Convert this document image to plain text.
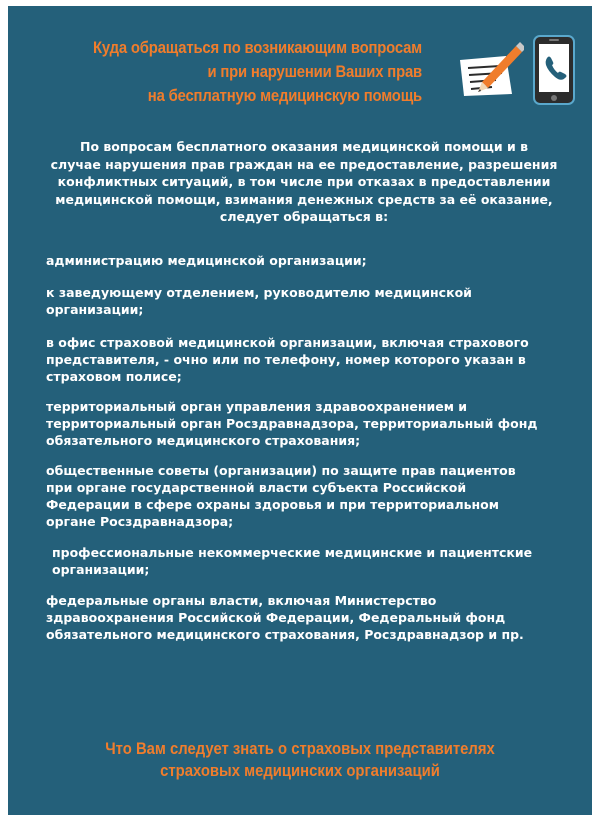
Куда обращаться по возникающим вопросам
и при нарушении Ваших прав
на бесплатную медицинскую помощь
По вопросам бесплатного оказания медицинской помощи и в
случае нарушения прав граждан на ее предоставление, разрешения
конфликтных ситуаций, в том числе при отказах в предоставлении
медицинской помощи, взимания денежных средств за её оказание,
следует обращаться в:
администрацию медицинской организации;
к заведующему отделением, руководителю медицинской
организации;
в офис страховой медицинской организации, включая страхового
представителя, - очно или по телефону, номер которого указан в
страховом полисе;
территориальный орган управления здравоохранением и
территориальный орган Росздравнадзора, территориальный фонд
обязательного медицинского страхования;
общественные советы (организации) по защите прав пациентов
при органе государственной власти субъекта Российской
Федерации в сфере охраны здоровья и при территориальном
органе Росздравнадзора;
профессиональные некоммерческие медицинские и пациентские
организации;
федеральные органы власти, включая Министерство
здравоохранения Российской Федерации, Федеральный фонд
обязательного медицинского страхования, Росздравнадзор и пр.
Что Вам следует знать о страховых представителях
страховых медицинских организаций
